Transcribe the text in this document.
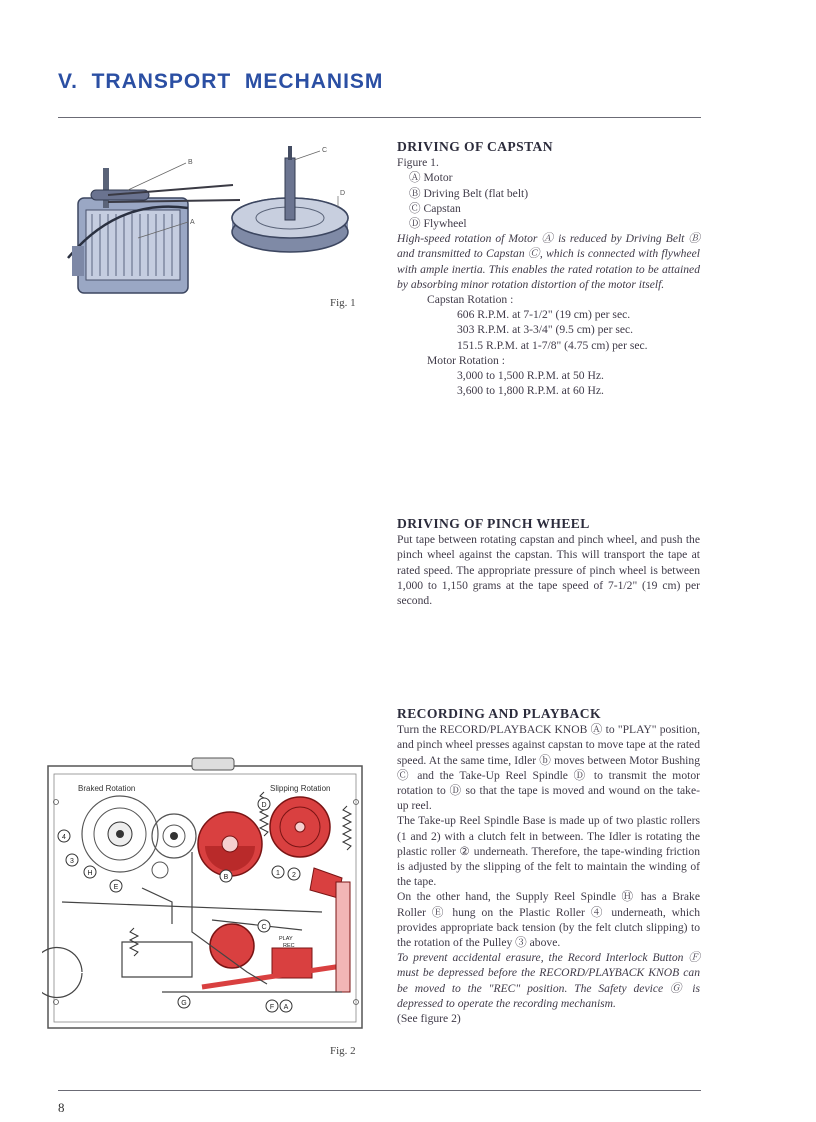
V.  TRANSPORT  MECHANISM
B
A
C
D
Fig. 1
DRIVING OF CAPSTAN
Figure 1.
Ⓐ Motor
Ⓑ Driving Belt (flat belt)
Ⓒ Capstan
Ⓓ Flywheel

High-speed rotation of Motor Ⓐ is reduced by Driving Belt Ⓑ and transmitted to Capstan Ⓒ, which is connected with flywheel with ample inertia. This enables the rated rotation to be attained by absorbing minor rotation distortion of the motor itself.

Capstan Rotation :
606 R.P.M. at 7-1/2" (19 cm) per sec.
303 R.P.M. at 3-3/4" (9.5 cm) per sec.
151.5 R.P.M. at 1-7/8" (4.75 cm) per sec.
Motor Rotation :
3,000 to 1,500 R.P.M. at 50 Hz.
3,600 to 1,800 R.P.M. at 60 Hz.
DRIVING OF PINCH WHEEL

Put tape between rotating capstan and pinch wheel, and push the pinch wheel against the capstan. This will transport the tape at rated speed. The appropriate pressure of pinch wheel is between 1,000 to 1,150 grams at the tape speed of 7-1/2" (19 cm) per second.

RECORDING AND PLAYBACK

Turn the RECORD/PLAYBACK KNOB Ⓐ to "PLAY" position, and pinch wheel presses against capstan to move tape at the rated speed. At the same time, Idler ⓑ moves between Motor Bushing Ⓒ and the Take-Up Reel Spindle Ⓓ to transmit the motor rotation to Ⓓ so that the tape is moved and wound on the take-up reel.

The Take-up Reel Spindle Base is made up of two plastic rollers (1 and 2) with a clutch felt in between. The Idler is rotating the plastic roller ② underneath. Therefore, the tape-winding friction is adjusted by the slipping of the felt to maintain the winding of the tape.

On the other hand, the Supply Reel Spindle Ⓗ has a Brake Roller Ⓔ hung on the Plastic Roller ④ underneath, which provides appropriate back tension (by the felt clutch slipping) to the rotation of the Pulley ③ above.

To prevent accidental erasure, the Record Interlock Button Ⓕ must be depressed before the RECORD/PLAYBACK KNOB can be moved to the "REC" position. The Safety device Ⓖ is depressed to operate the recording mechanism.

(See figure 2)

Braked Rotation	Slipping Rotation
PLAY
REC
4
3
H
E
D
1 2
B
C
F A
G
Fig. 2
8
